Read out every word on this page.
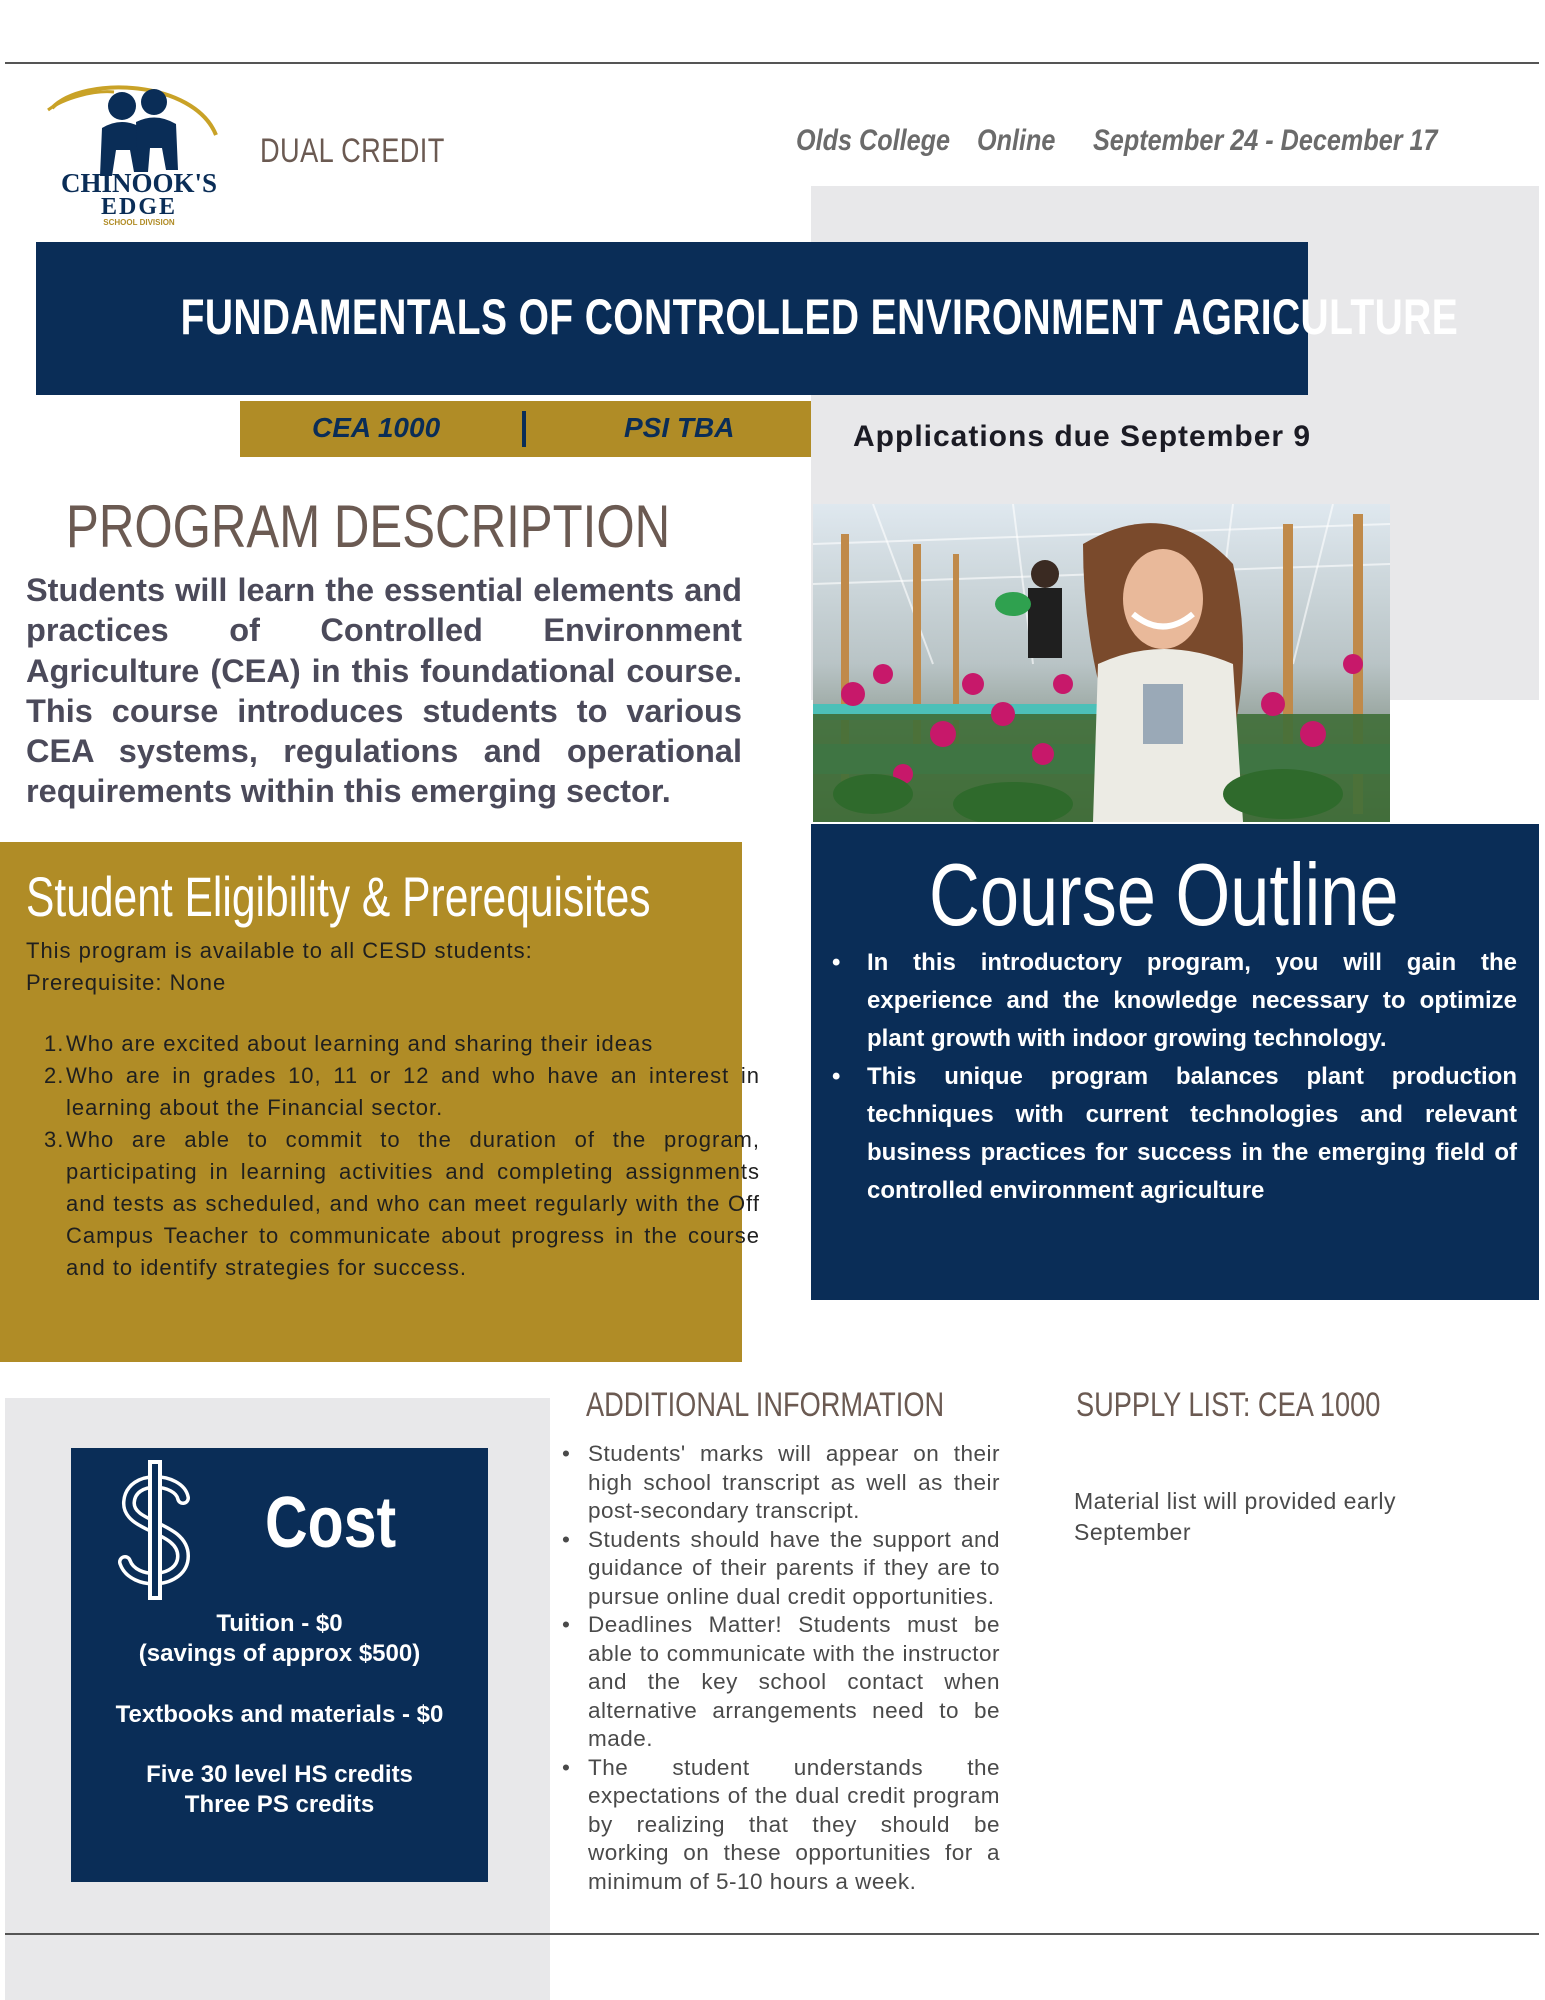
CHINOOK'S
EDGE
SCHOOL DIVISION
DUAL CREDIT	Olds College Online September 24 - December 17
FUNDAMENTALS OF CONTROLLED ENVIRONMENT AGRICULTURE
CEA 1000	PSI TBA	Applications due September 9
PROGRAM DESCRIPTION
Students will learn the essential elements and practices of Controlled Environment Agriculture (CEA) in this foundational course. This course introduces students to various CEA systems, regulations and operational requirements within this emerging sector.
Student Eligibility & Prerequisites
This program is available to all CESD students:
Prerequisite: None
1. Who are excited about learning and sharing their ideas
2. Who are in grades 10, 11 or 12 and who have an interest in learning about the Financial sector.
3. Who are able to commit to the duration of the program, participating in learning activities and completing assignments and tests as scheduled, and who can meet regularly with the Off Campus Teacher to communicate about progress in the course and to identify strategies for success.
Course Outline
• In this introductory program, you will gain the experience and the knowledge necessary to optimize plant growth with indoor growing technology.
• This unique program balances plant production techniques with current technologies and relevant business practices for success in the emerging field of controlled environment agriculture
Cost
Tuition - $0
(savings of approx $500)
Textbooks and materials - $0
Five 30 level HS credits
Three PS credits
ADDITIONAL INFORMATION
• Students' marks will appear on their high school transcript as well as their post-secondary transcript.
• Students should have the support and guidance of their parents if they are to pursue online dual credit opportunities.
• Deadlines Matter! Students must be able to communicate with the instructor and the key school contact when alternative arrangements need to be made.
• The student understands the expectations of the dual credit program by realizing that they should be working on these opportunities for a minimum of 5-10 hours a week.
SUPPLY LIST: CEA 1000
Material list will provided early September
